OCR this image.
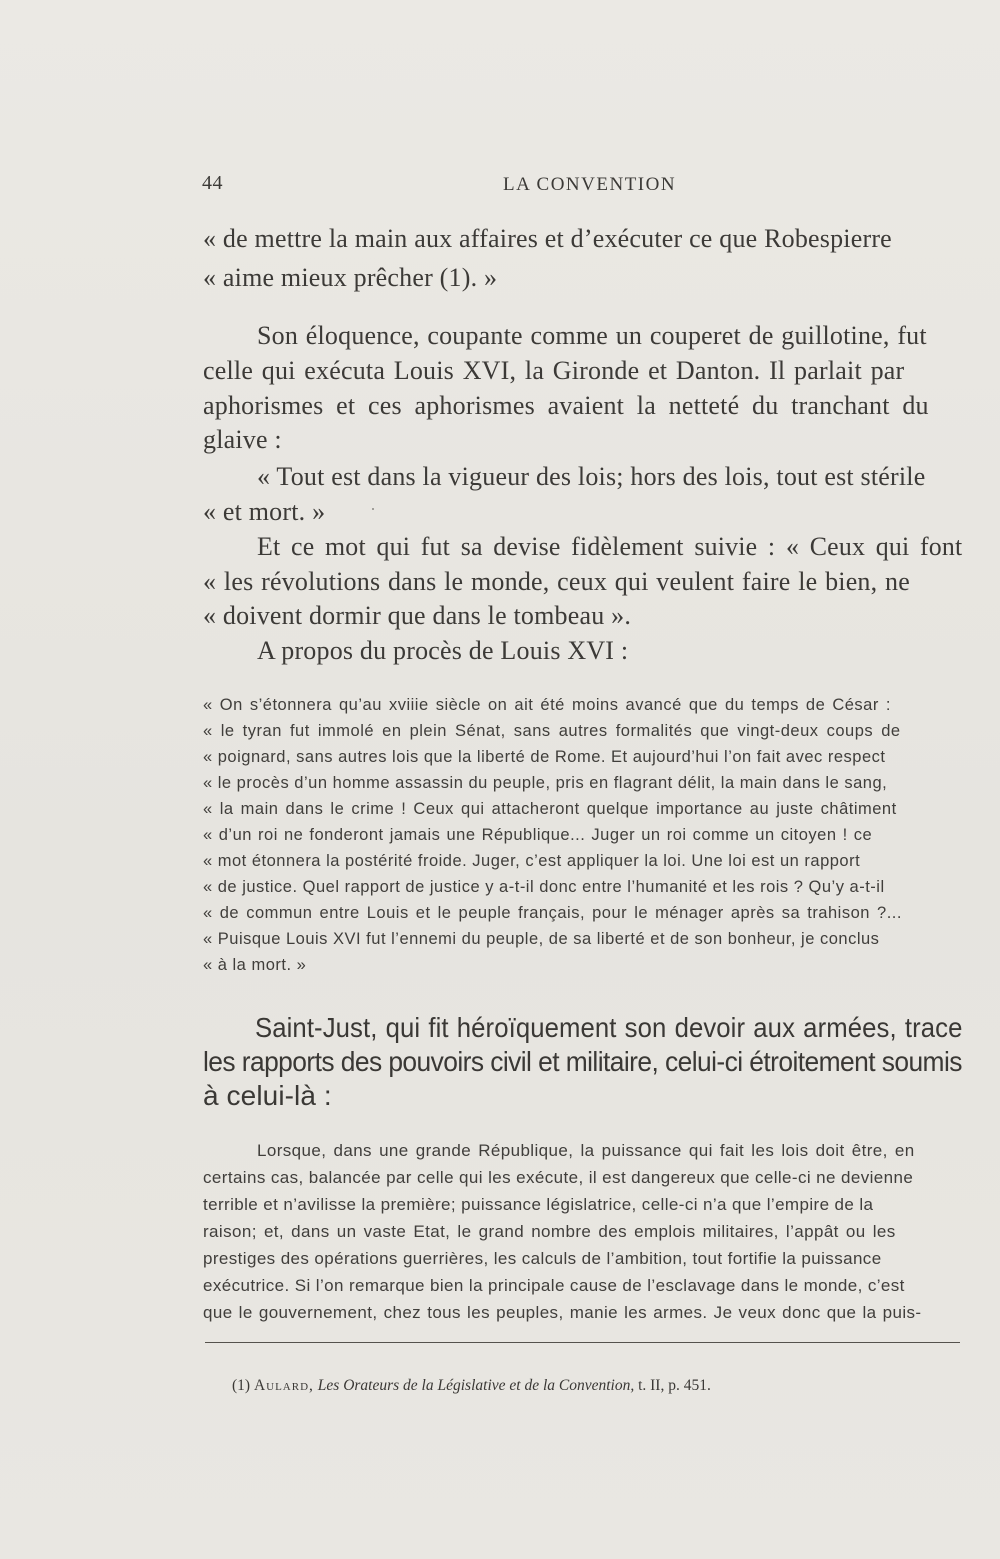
44	LA CONVENTION
« de mettre la main aux affaires et d’exécuter ce que Robespierre
« aime mieux prêcher (1). »
Son éloquence, coupante comme un couperet de guillotine, fut
celle qui exécuta Louis XVI, la Gironde et Danton. Il parlait par
aphorismes et ces aphorismes avaient la netteté du tranchant du
glaive :
« Tout est dans la vigueur des lois; hors des lois, tout est stérile
« et mort. »
Et ce mot qui fut sa devise fidèlement suivie : « Ceux qui font
« les révolutions dans le monde, ceux qui veulent faire le bien, ne
« doivent dormir que dans le tombeau ».
A propos du procès de Louis XVI :
« On s’étonnera qu’au xviiie siècle on ait été moins avancé que du temps de César :
« le tyran fut immolé en plein Sénat, sans autres formalités que vingt-deux coups de
« poignard, sans autres lois que la liberté de Rome. Et aujourd’hui l’on fait avec respect
« le procès d’un homme assassin du peuple, pris en flagrant délit, la main dans le sang,
« la main dans le crime ! Ceux qui attacheront quelque importance au juste châtiment
« d’un roi ne fonderont jamais une République... Juger un roi comme un citoyen ! ce
« mot étonnera la postérité froide. Juger, c’est appliquer la loi. Une loi est un rapport
« de justice. Quel rapport de justice y a-t-il donc entre l’humanité et les rois ? Qu’y a-t-il
« de commun entre Louis et le peuple français, pour le ménager après sa trahison ?...
« Puisque Louis XVI fut l’ennemi du peuple, de sa liberté et de son bonheur, je conclus
« à la mort. »
Saint-Just, qui fit héroïquement son devoir aux armées, trace
les rapports des pouvoirs civil et militaire, celui-ci étroitement soumis
à celui-là :
Lorsque, dans une grande République, la puissance qui fait les lois doit être, en
certains cas, balancée par celle qui les exécute, il est dangereux que celle-ci ne devienne
terrible et n’avilisse la première; puissance législatrice, celle-ci n’a que l’empire de la
raison; et, dans un vaste Etat, le grand nombre des emplois militaires, l’appât ou les
prestiges des opérations guerrières, les calculs de l’ambition, tout fortifie la puissance
exécutrice. Si l’on remarque bien la principale cause de l’esclavage dans le monde, c’est
que le gouvernement, chez tous les peuples, manie les armes. Je veux donc que la puis-
(1) Aulard, Les Orateurs de la Législative et de la Convention, t. II, p. 451.
